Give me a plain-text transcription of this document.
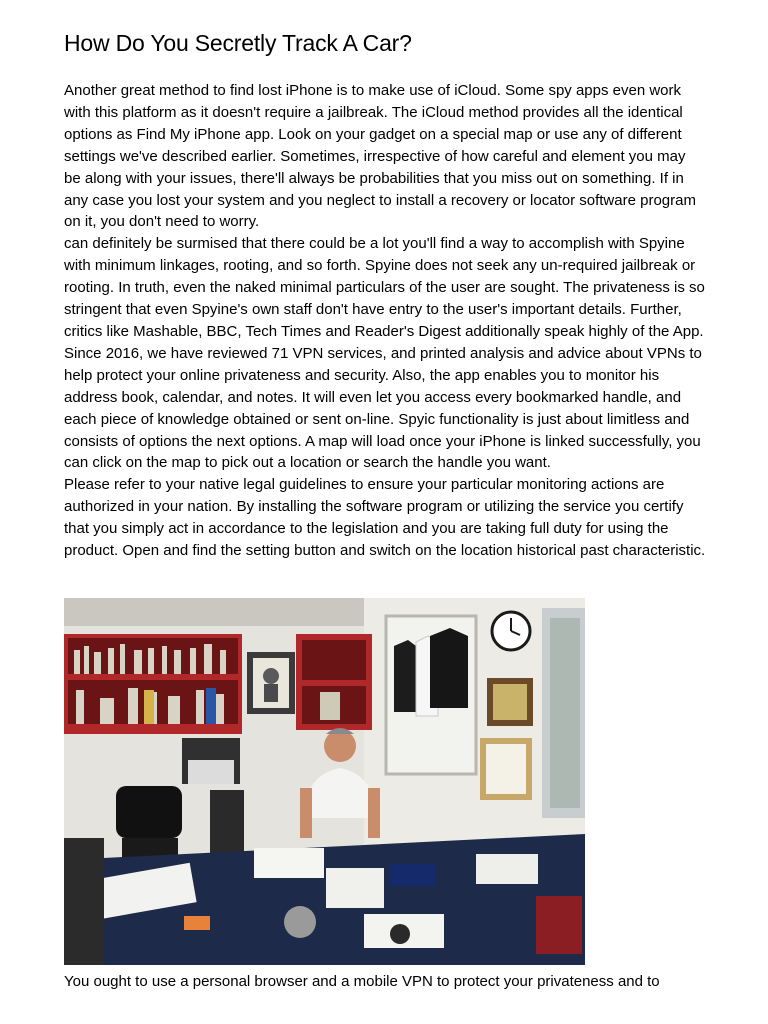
How Do You Secretly Track A Car?

Another great method to find lost iPhone is to make use of iCloud. Some spy apps even work with this platform as it doesn't require a jailbreak. The iCloud method provides all the identical options as Find My iPhone app. Look on your gadget on a special map or use any of different settings we've described earlier. Sometimes, irrespective of how careful and element you may be along with your issues, there'll always be probabilities that you miss out on something. If in any case you lost your system and you neglect to install a recovery or locator software program on it, you don't need to worry.

can definitely be surmised that there could be a lot you'll find a way to accomplish with Spyine with minimum linkages, rooting, and so forth. Spyine does not seek any un-required jailbreak or rooting. In truth, even the naked minimal particulars of the user are sought. The privateness is so stringent that even Spyine's own staff don't have entry to the user's important details. Further, critics like Mashable, BBC, Tech Times and Reader's Digest additionally speak highly of the App. Since 2016, we have reviewed 71 VPN services, and printed analysis and advice about VPNs to help protect your online privateness and security. Also, the app enables you to monitor his address book, calendar, and notes. It will even let you access every bookmarked handle, and each piece of knowledge obtained or sent on-line. Spyic functionality is just about limitless and consists of options the next options. A map will load once your iPhone is linked successfully, you can click on the map to pick out a location or search the handle you want.

Please refer to your native legal guidelines to ensure your particular monitoring actions are authorized in your nation. By installing the software program or utilizing the service you certify that you simply act in accordance to the legislation and you are taking full duty for using the product. Open and find the setting button and switch on the location historical past characteristic.

You ought to use a personal browser and a mobile VPN to protect your privateness and to
